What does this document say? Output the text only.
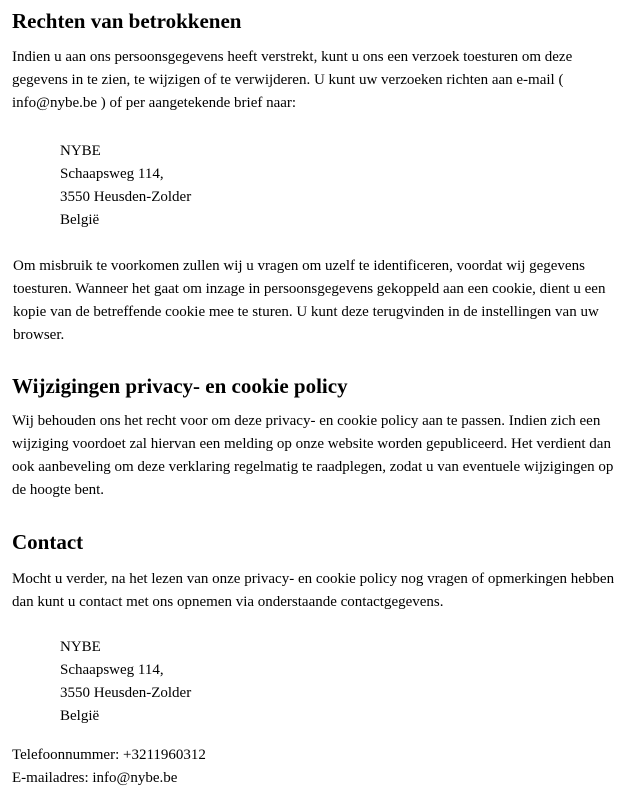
Rechten van betrokkenen

Indien u aan ons persoonsgegevens heeft verstrekt, kunt u ons een verzoek toesturen om deze gegevens in te zien, te wijzigen of te verwijderen. U kunt uw verzoeken richten aan e-mail ( info@nybe.be ) of per aangetekende brief naar:

NYBE
Schaapsweg 114,
3550 Heusden-Zolder
België

Om misbruik te voorkomen zullen wij u vragen om uzelf te identificeren, voordat wij gegevens toesturen. Wanneer het gaat om inzage in persoonsgegevens gekoppeld aan een cookie, dient u een kopie van de betreffende cookie mee te sturen. U kunt deze terugvinden in de instellingen van uw browser.

Wijzigingen privacy- en cookie policy

Wij behouden ons het recht voor om deze privacy- en cookie policy aan te passen. Indien zich een wijziging voordoet zal hiervan een melding op onze website worden gepubliceerd. Het verdient dan ook aanbeveling om deze verklaring regelmatig te raadplegen, zodat u van eventuele wijzigingen op de hoogte bent.

Contact

Mocht u verder, na het lezen van onze privacy- en cookie policy nog vragen of opmerkingen hebben dan kunt u contact met ons opnemen via onderstaande contactgegevens.

NYBE
Schaapsweg 114,
3550 Heusden-Zolder
België
Telefoonnummer: +3211960312
E-mailadres: info@nybe.be
